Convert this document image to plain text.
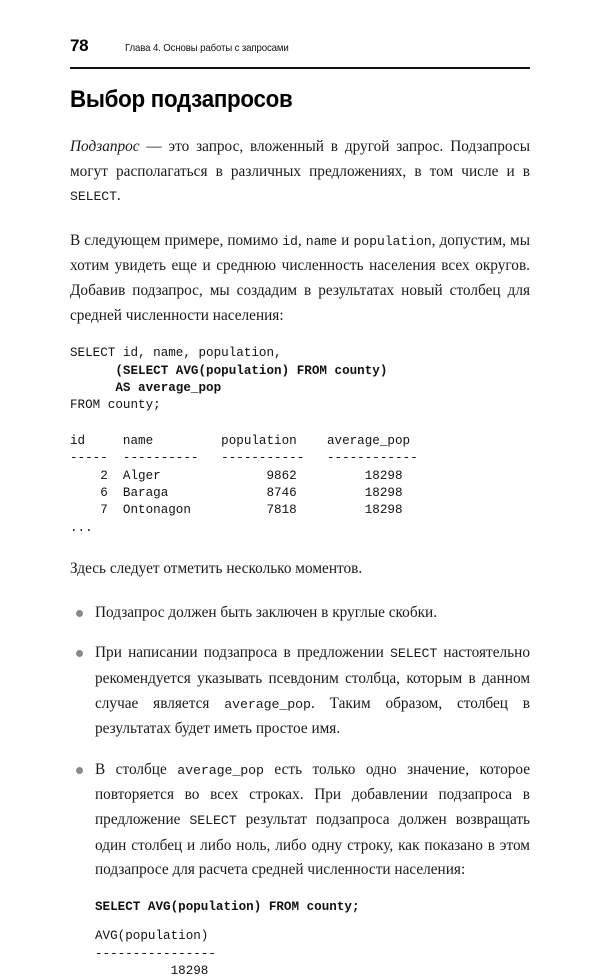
78	Глава 4. Основы работы с запросами
Выбор подзапросов

Подзапрос — это запрос, вложенный в другой запрос. Подзапросы могут располагаться в различных предложениях, в том числе и в SELECT.

В следующем примере, помимо id, name и population, допустим, мы хотим увидеть еще и среднюю численность населения всех округов. Добавив подзапрос, мы создадим в результатах новый столбец для средней численности населения:

SELECT id, name, population,
(SELECT AVG(population) FROM county)
AS average_pop
FROM county;
id     name         population    average_pop
-----  ----------   -----------   ------------
2  Alger              9862         18298
6  Baraga             8746         18298
7  Ontonagon          7818         18298
...

Здесь следует отметить несколько моментов.

Подзапрос должен быть заключен в круглые скобки.
При написании подзапроса в предложении SELECT настоятельно рекомендуется указывать псевдоним столбца, которым в данном случае является average_pop. Таким образом, столбец в результатах будет иметь простое имя.
В столбце average_pop есть только одно значение, которое повторяется во всех строках. При добавлении подзапроса в предложение SELECT результат подзапроса должен возвращать один столбец и либо ноль, либо одну строку, как показано в этом подзапросе для расчета средней численности населения:
SELECT AVG(population) FROM county;
AVG(population)
----------------
18298
